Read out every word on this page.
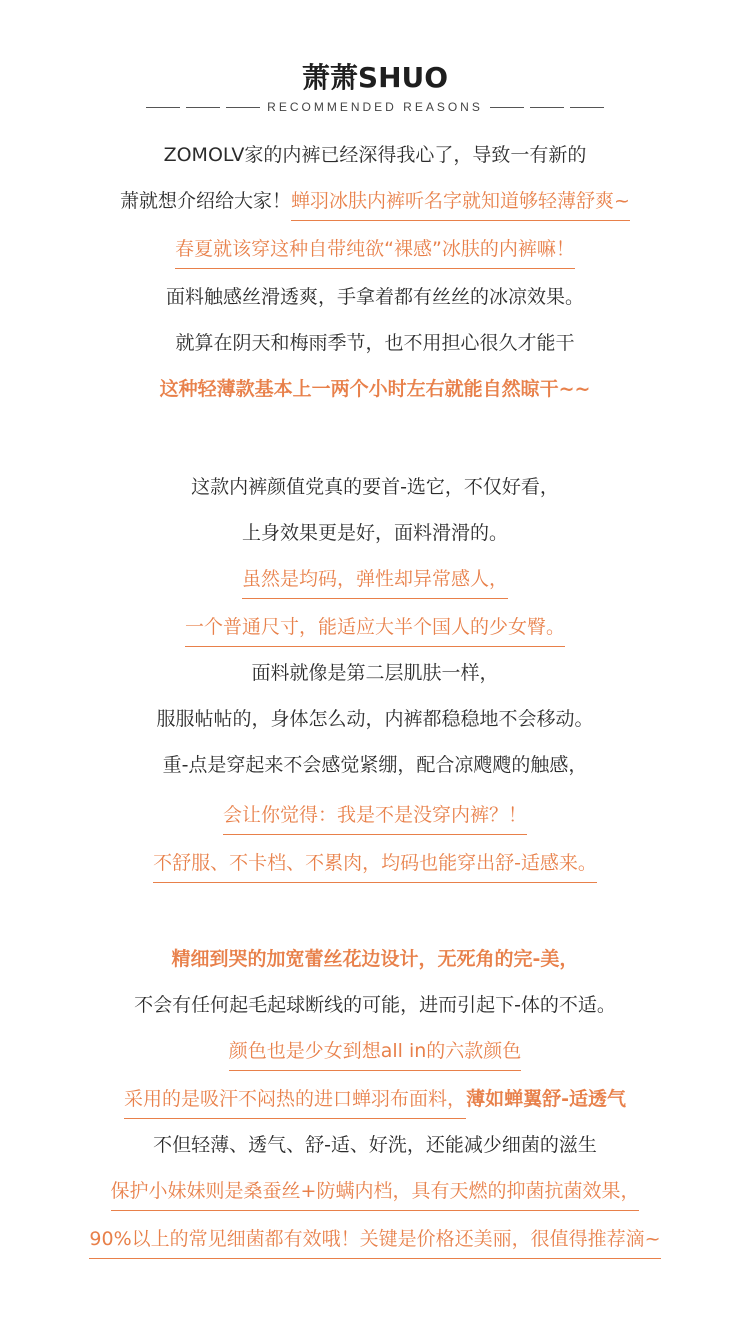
萧萧SHUO
RECOMMENDED REASONS
ZOMOLV家的内裤已经深得我心了，导致一有新的
萧就想介绍给大家！蝉羽冰肤内裤听名字就知道够轻薄舒爽~
春夏就该穿这种自带纯欲“裸感”冰肤的内裤嘛！
面料触感丝滑透爽，手拿着都有丝丝的冰凉效果。
就算在阴天和梅雨季节，也不用担心很久才能干
这种轻薄款基本上一两个小时左右就能自然晾干~~
这款内裤颜值党真的要首-选它，不仅好看，
上身效果更是好，面料滑滑的。
虽然是均码，弹性却异常感人，
一个普通尺寸，能适应大半个国人的少女臀。
面料就像是第二层肌肤一样，
服服帖帖的，身体怎么动，内裤都稳稳地不会移动。
重-点是穿起来不会感觉紧绷，配合凉飕飕的触感，
会让你觉得：我是不是没穿内裤？！
不舒服、不卡档、不累肉，均码也能穿出舒-适感来。
精细到哭的加宽蕾丝花边设计，无死角的完-美，
不会有任何起毛起球断线的可能，进而引起下-体的不适。
颜色也是少女到想all in的六款颜色
采用的是吸汗不闷热的进口蝉羽布面料，薄如蝉翼舒-适透气
不但轻薄、透气、舒-适、好洗，还能减少细菌的滋生
保护小妹妹则是桑蚕丝+防螨内档，具有天燃的抑菌抗菌效果，
90%以上的常见细菌都有效哦！关键是价格还美丽，很值得推荐滴~
